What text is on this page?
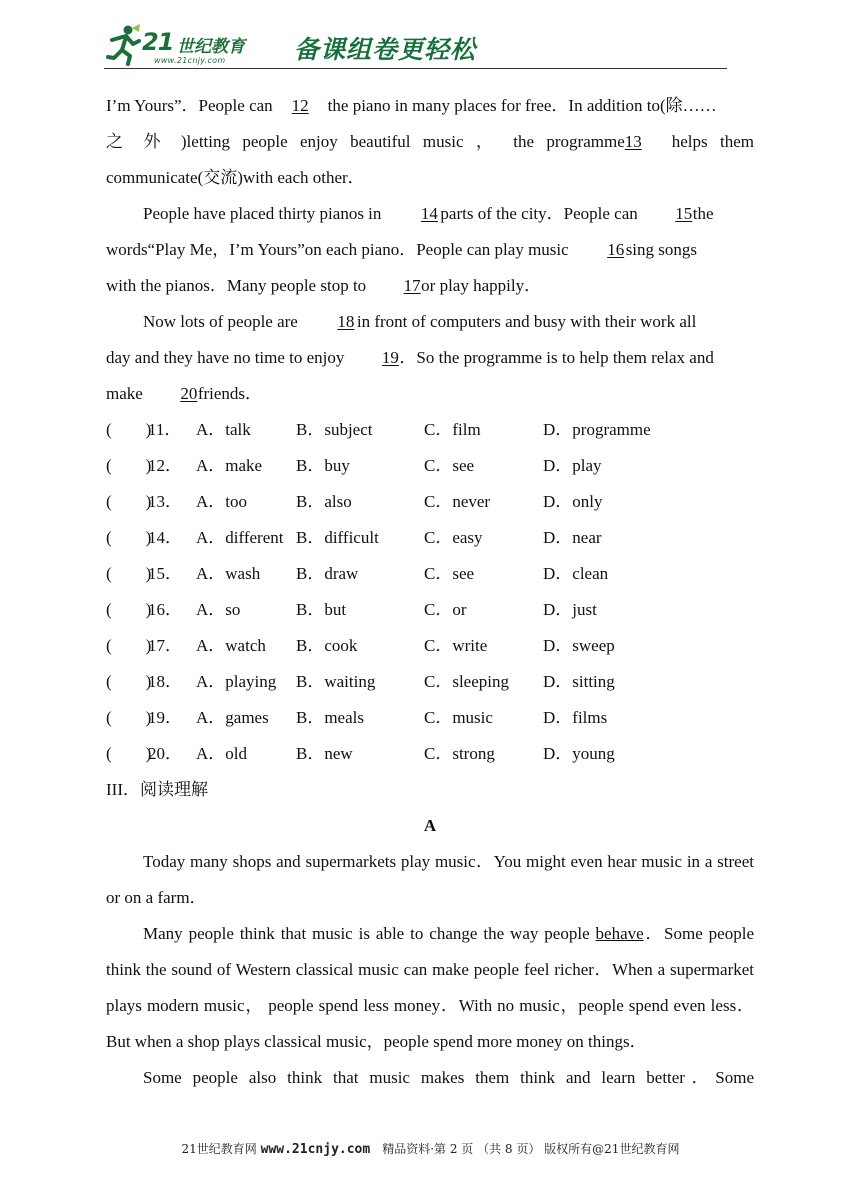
21 世纪教育
www.21cnjy.com	备课组卷更轻松

I’m Yours”．People can 12 the piano in many places for free．In addition to(除……

之 外 )letting people enjoy beautiful music ， the programme13 helps them

communicate(交流)with each other．

People have placed thirty pianos in 14 parts of the city．People can 15the
words“Play Me，I’m Yours”on each piano．People can play music 16sing songs
with the pianos．Many people stop to 17or play happily．

Now lots of people are 18 in front of computers and busy with their work all
day and they have no time to enjoy 19．So the programme is to help them relax and
make 20friends．

(　　)
11． A．talk	B．subject	C．film	D．programme
(　　)
12． A．make B．buy	C．see	D．play
(　　)
13． A．too	B．also	C．never	D．only
(　　)
14． A．different B．difficult	C．easy	D．near
(　　)
15． A．wash B．draw	C．see	D．clean
(　　)
16． A．so	B．but	C．or	D．just
(　　)
17． A．watch B．cook	C．write	D．sweep
(　　)
18． A．playing B．waiting	C．sleeping D．sitting
(　　)
19． A．games B．meals	C．music	D．films
(　　)
20． A．old	B．new	C．strong	D．young

III．阅读理解

A

Today many shops and supermarkets play music．You might even hear music in a street or on a farm．

Many people think that music is able to change the way people behave．Some people think the sound of Western classical music can make people feel richer．When a supermarket plays modern music， people spend less money．With no music，people spend even less．But when a shop plays classical music，people spend more money on things．

Some people also think that music makes them think and learn better．Some

21世纪教育网 www.21cnjy.com　精品资料·第 2 页 （共 8 页） 版权所有@21世纪教育网
